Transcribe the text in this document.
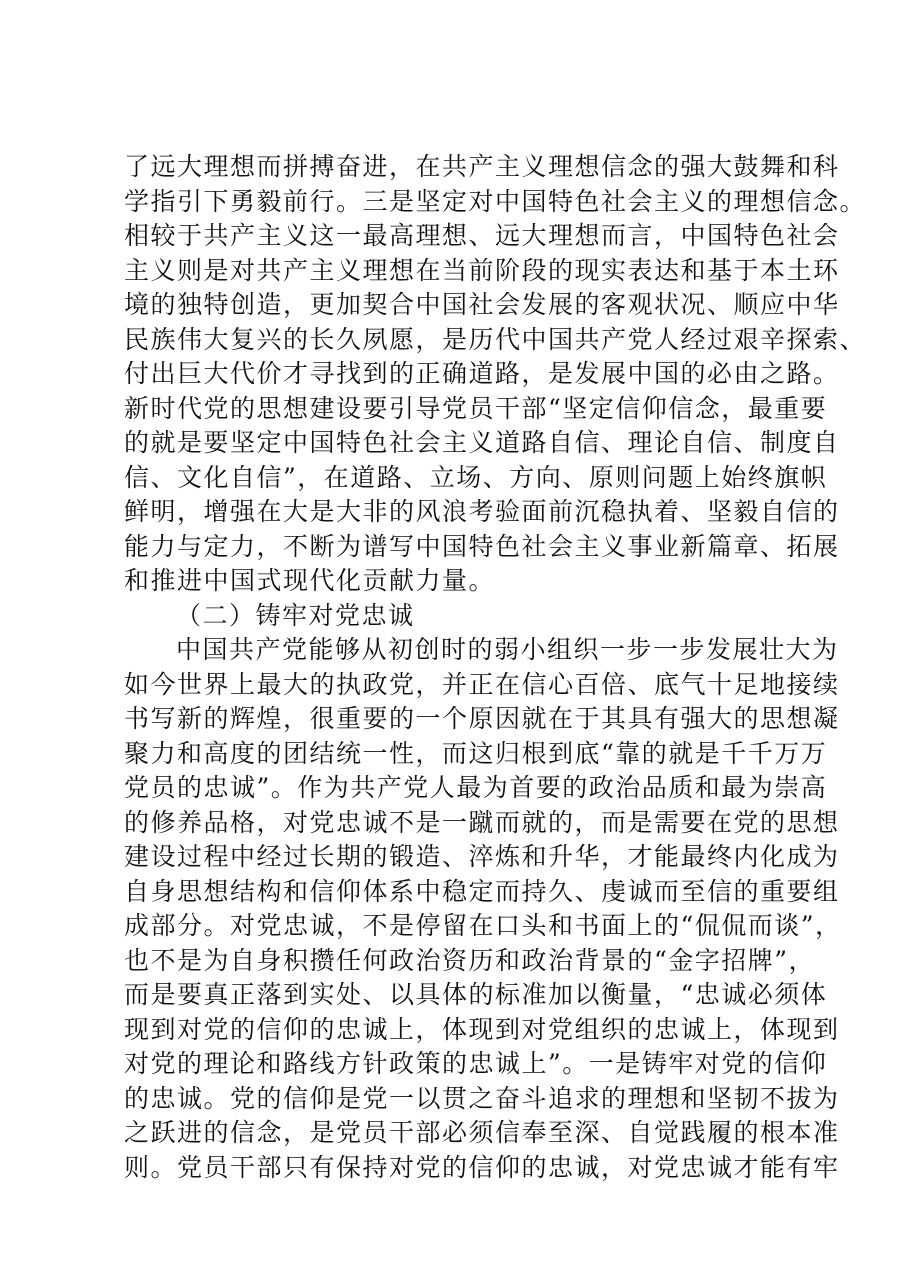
了远大理想而拼搏奋进，在共产主义理想信念的强大鼓舞和科
学指引下勇毅前行。三是坚定对中国特色社会主义的理想信念。
相较于共产主义这一最高理想、远大理想而言，中国特色社会
主义则是对共产主义理想在当前阶段的现实表达和基于本土环
境的独特创造，更加契合中国社会发展的客观状况、顺应中华
民族伟大复兴的长久夙愿，是历代中国共产党人经过艰辛探索、
付出巨大代价才寻找到的正确道路，是发展中国的必由之路。
新时代党的思想建设要引导党员干部“坚定信仰信念，最重要
的就是要坚定中国特色社会主义道路自信、理论自信、制度自
信、文化自信”，在道路、立场、方向、原则问题上始终旗帜
鲜明，增强在大是大非的风浪考验面前沉稳执着、坚毅自信的
能力与定力，不断为谱写中国特色社会主义事业新篇章、拓展
和推进中国式现代化贡献力量。
（二）铸牢对党忠诚
中国共产党能够从初创时的弱小组织一步一步发展壮大为
如今世界上最大的执政党，并正在信心百倍、底气十足地接续
书写新的辉煌，很重要的一个原因就在于其具有强大的思想凝
聚力和高度的团结统一性，而这归根到底“靠的就是千千万万
党员的忠诚”。作为共产党人最为首要的政治品质和最为崇高
的修养品格，对党忠诚不是一蹴而就的，而是需要在党的思想
建设过程中经过长期的锻造、淬炼和升华，才能最终内化成为
自身思想结构和信仰体系中稳定而持久、虔诚而至信的重要组
成部分。对党忠诚，不是停留在口头和书面上的“侃侃而谈”，
也不是为自身积攒任何政治资历和政治背景的“金字招牌”，
而是要真正落到实处、以具体的标准加以衡量，“忠诚必须体
现到对党的信仰的忠诚上，体现到对党组织的忠诚上，体现到
对党的理论和路线方针政策的忠诚上”。一是铸牢对党的信仰
的忠诚。党的信仰是党一以贯之奋斗追求的理想和坚韧不拔为
之跃进的信念，是党员干部必须信奉至深、自觉践履的根本准
则。党员干部只有保持对党的信仰的忠诚，对党忠诚才能有牢
